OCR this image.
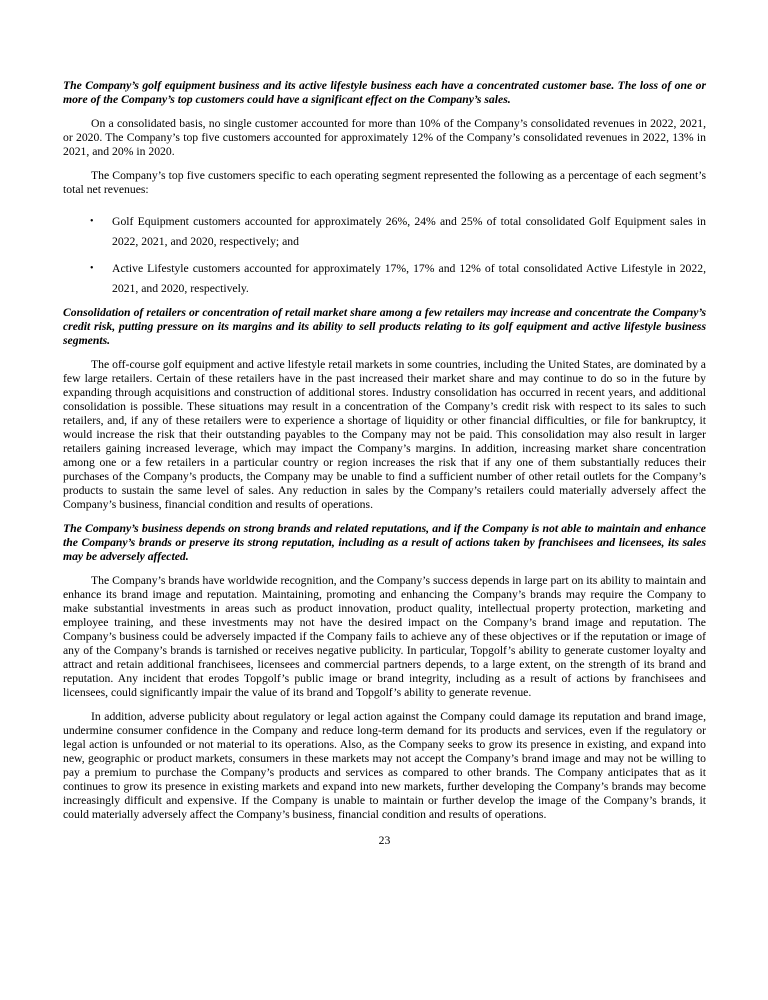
The Company’s golf equipment business and its active lifestyle business each have a concentrated customer base. The loss of one or more of the Company’s top customers could have a significant effect on the Company’s sales.

On a consolidated basis, no single customer accounted for more than 10% of the Company’s consolidated revenues in 2022, 2021, or 2020. The Company’s top five customers accounted for approximately 12% of the Company’s consolidated revenues in 2022, 13% in 2021, and 20% in 2020.

The Company’s top five customers specific to each operating segment represented the following as a percentage of each segment’s total net revenues:

•	Golf Equipment customers accounted for approximately 26%, 24% and 25% of total consolidated Golf Equipment sales in 2022, 2021, and 2020, respectively; and
•	Active Lifestyle customers accounted for approximately 17%, 17% and 12% of total consolidated Active Lifestyle in 2022, 2021, and 2020, respectively.
Consolidation of retailers or concentration of retail market share among a few retailers may increase and concentrate the Company’s credit risk, putting pressure on its margins and its ability to sell products relating to its golf equipment and active lifestyle business segments.

The off-course golf equipment and active lifestyle retail markets in some countries, including the United States, are dominated by a few large retailers. Certain of these retailers have in the past increased their market share and may continue to do so in the future by expanding through acquisitions and construction of additional stores. Industry consolidation has occurred in recent years, and additional consolidation is possible. These situations may result in a concentration of the Company’s credit risk with respect to its sales to such retailers, and, if any of these retailers were to experience a shortage of liquidity or other financial difficulties, or file for bankruptcy, it would increase the risk that their outstanding payables to the Company may not be paid. This consolidation may also result in larger retailers gaining increased leverage, which may impact the Company’s margins. In addition, increasing market share concentration among one or a few retailers in a particular country or region increases the risk that if any one of them substantially reduces their purchases of the Company’s products, the Company may be unable to find a sufficient number of other retail outlets for the Company’s products to sustain the same level of sales. Any reduction in sales by the Company’s retailers could materially adversely affect the Company’s business, financial condition and results of operations.

The Company’s business depends on strong brands and related reputations, and if the Company is not able to maintain and enhance the Company’s brands or preserve its strong reputation, including as a result of actions taken by franchisees and licensees, its sales may be adversely affected.

The Company’s brands have worldwide recognition, and the Company’s success depends in large part on its ability to maintain and enhance its brand image and reputation. Maintaining, promoting and enhancing the Company’s brands may require the Company to make substantial investments in areas such as product innovation, product quality, intellectual property protection, marketing and employee training, and these investments may not have the desired impact on the Company’s brand image and reputation. The Company’s business could be adversely impacted if the Company fails to achieve any of these objectives or if the reputation or image of any of the Company’s brands is tarnished or receives negative publicity. In particular, Topgolf’s ability to generate customer loyalty and attract and retain additional franchisees, licensees and commercial partners depends, to a large extent, on the strength of its brand and reputation. Any incident that erodes Topgolf’s public image or brand integrity, including as a result of actions by franchisees and licensees, could significantly impair the value of its brand and Topgolf’s ability to generate revenue.

In addition, adverse publicity about regulatory or legal action against the Company could damage its reputation and brand image, undermine consumer confidence in the Company and reduce long-term demand for its products and services, even if the regulatory or legal action is unfounded or not material to its operations. Also, as the Company seeks to grow its presence in existing, and expand into new, geographic or product markets, consumers in these markets may not accept the Company’s brand image and may not be willing to pay a premium to purchase the Company’s products and services as compared to other brands. The Company anticipates that as it continues to grow its presence in existing markets and expand into new markets, further developing the Company’s brands may become increasingly difficult and expensive. If the Company is unable to maintain or further develop the image of the Company’s brands, it could materially adversely affect the Company’s business, financial condition and results of operations.

23
